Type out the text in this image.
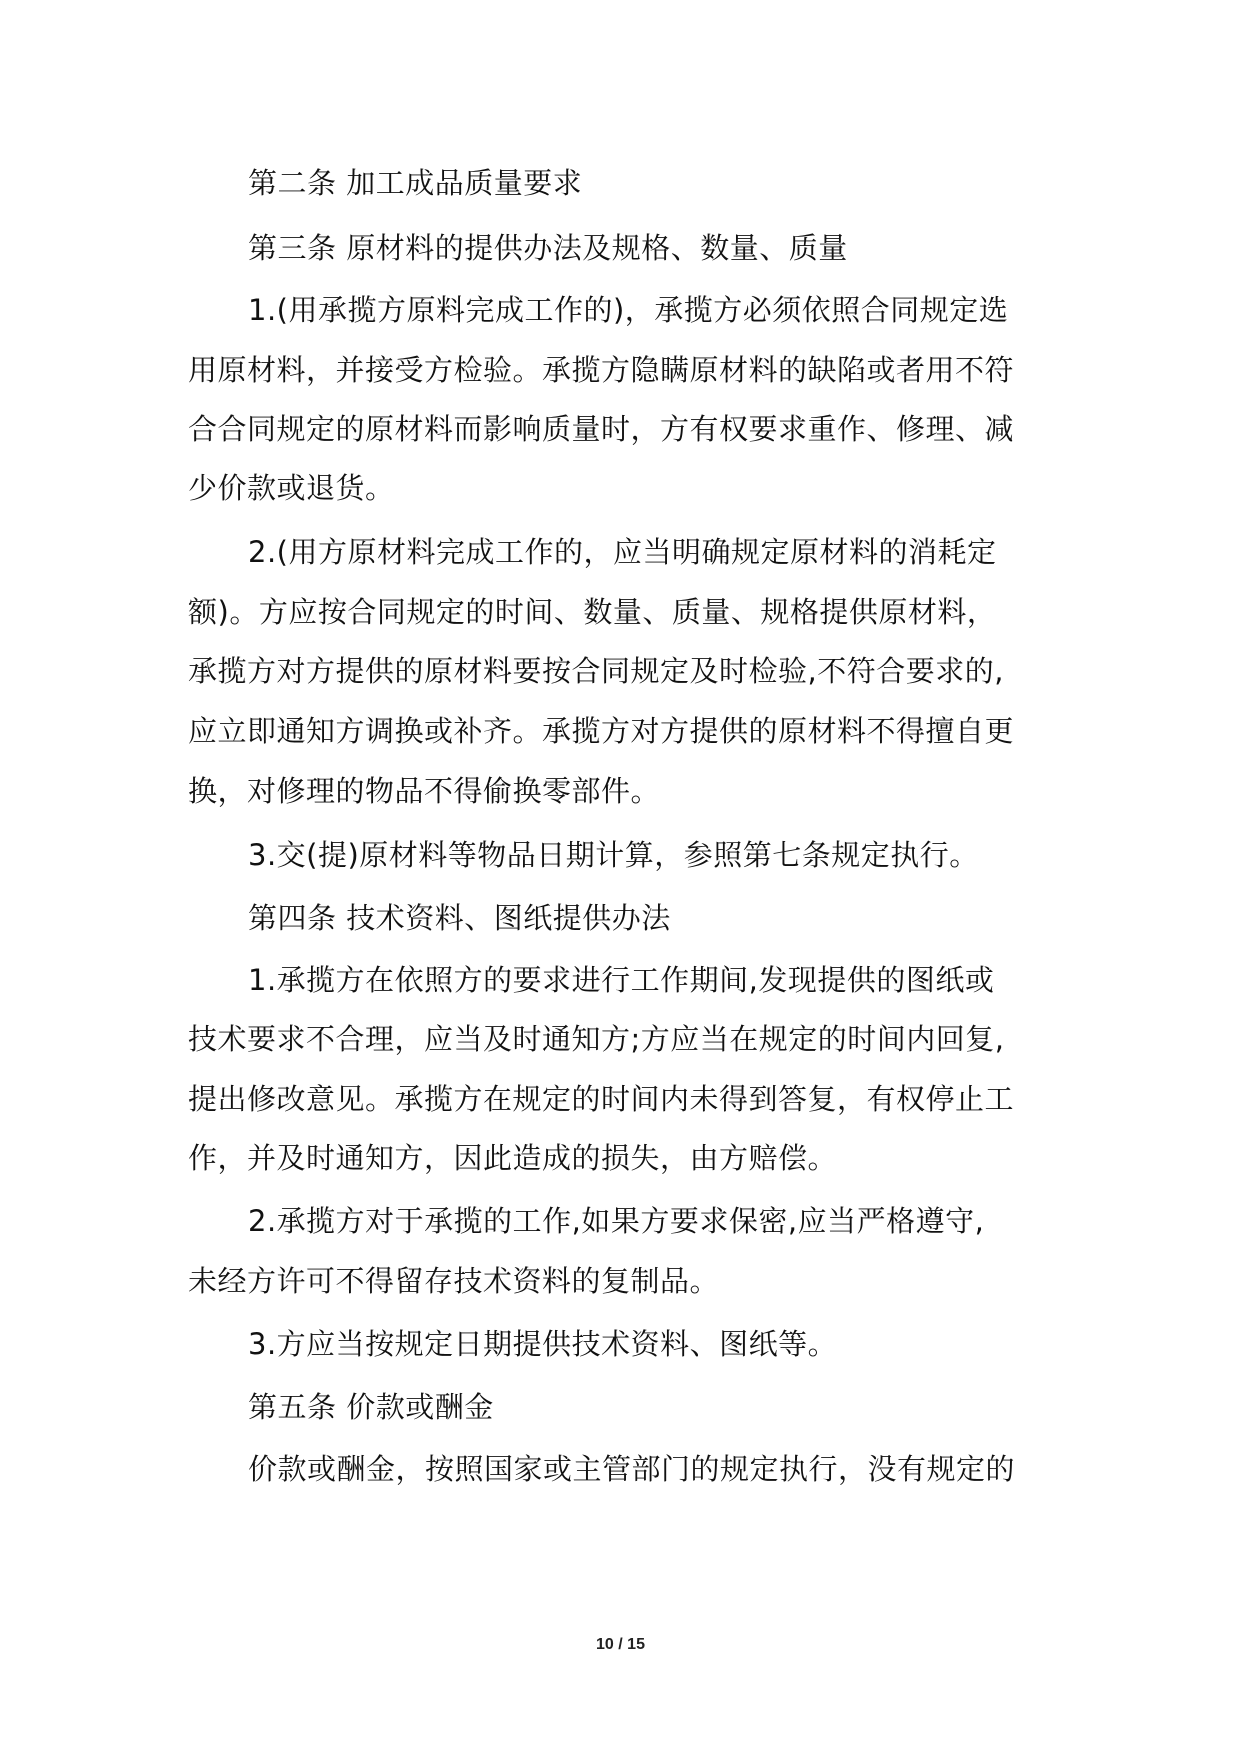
第二条 加工成品质量要求
第三条 原材料的提供办法及规格、数量、质量
1.(用承揽方原料完成工作的)，承揽方必须依照合同规定选
用原材料，并接受方检验。承揽方隐瞒原材料的缺陷或者用不符
合合同规定的原材料而影响质量时，方有权要求重作、修理、减
少价款或退货。
2.(用方原材料完成工作的，应当明确规定原材料的消耗定
额)。方应按合同规定的时间、数量、质量、规格提供原材料，
承揽方对方提供的原材料要按合同规定及时检验,不符合要求的,
应立即通知方调换或补齐。承揽方对方提供的原材料不得擅自更
换，对修理的物品不得偷换零部件。
3.交(提)原材料等物品日期计算，参照第七条规定执行。
第四条 技术资料、图纸提供办法
1.承揽方在依照方的要求进行工作期间,发现提供的图纸或
技术要求不合理，应当及时通知方;方应当在规定的时间内回复,
提出修改意见。承揽方在规定的时间内未得到答复，有权停止工
作，并及时通知方，因此造成的损失，由方赔偿。
2.承揽方对于承揽的工作,如果方要求保密,应当严格遵守,
未经方许可不得留存技术资料的复制品。
3.方应当按规定日期提供技术资料、图纸等。
第五条 价款或酬金
价款或酬金，按照国家或主管部门的规定执行，没有规定的
10 / 15
